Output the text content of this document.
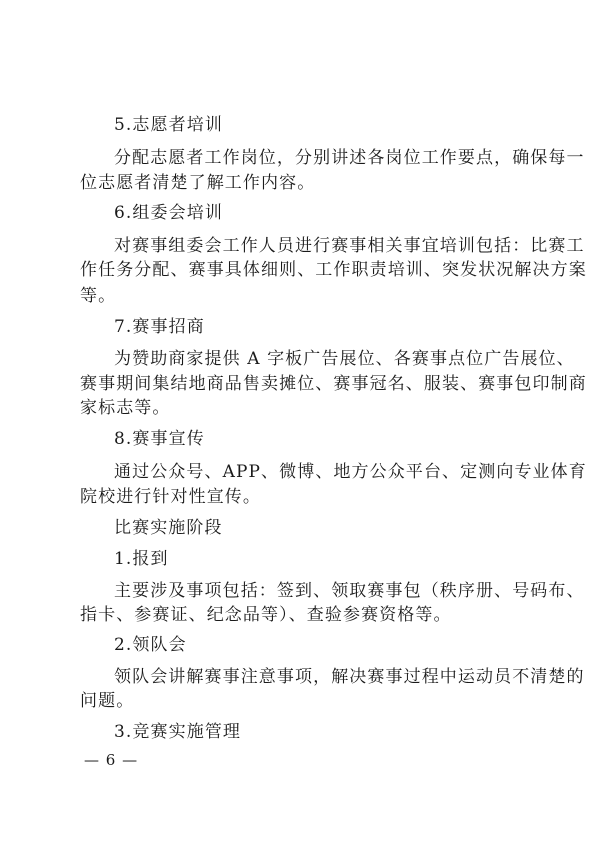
5.志愿者培训
分配志愿者工作岗位，分别讲述各岗位工作要点，确保每一
位志愿者清楚了解工作内容。
6.组委会培训
对赛事组委会工作人员进行赛事相关事宜培训包括：比赛工
作任务分配、赛事具体细则、工作职责培训、突发状况解决方案
等。
7.赛事招商
为赞助商家提供 A 字板广告展位、各赛事点位广告展位、
赛事期间集结地商品售卖摊位、赛事冠名、服装、赛事包印制商
家标志等。
8.赛事宣传
通过公众号、APP、微博、地方公众平台、定测向专业体育
院校进行针对性宣传。
比赛实施阶段
1.报到
主要涉及事项包括：签到、领取赛事包（秩序册、号码布、
指卡、参赛证、纪念品等）、查验参赛资格等。
2.领队会
领队会讲解赛事注意事项，解决赛事过程中运动员不清楚的
问题。
3.竞赛实施管理
— 6 —
